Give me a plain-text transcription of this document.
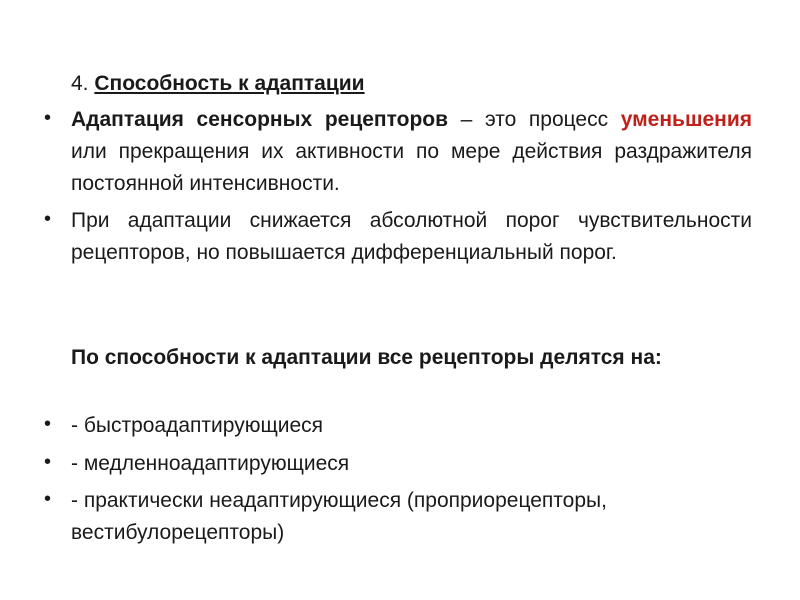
4. Способность к адаптации
• Адаптация сенсорных рецепторов – это процесс уменьшения или прекращения их активности по мере действия раздражителя постоянной интенсивности.
• При адаптации снижается абсолютной порог чувствительности рецепторов, но повышается дифференциальный порог.
По способности к адаптации все рецепторы делятся на:
• - быстроадаптирующиеся
• - медленноадаптирующиеся
• - практически неадаптирующиеся (проприорецепторы, вестибулорецепторы)
